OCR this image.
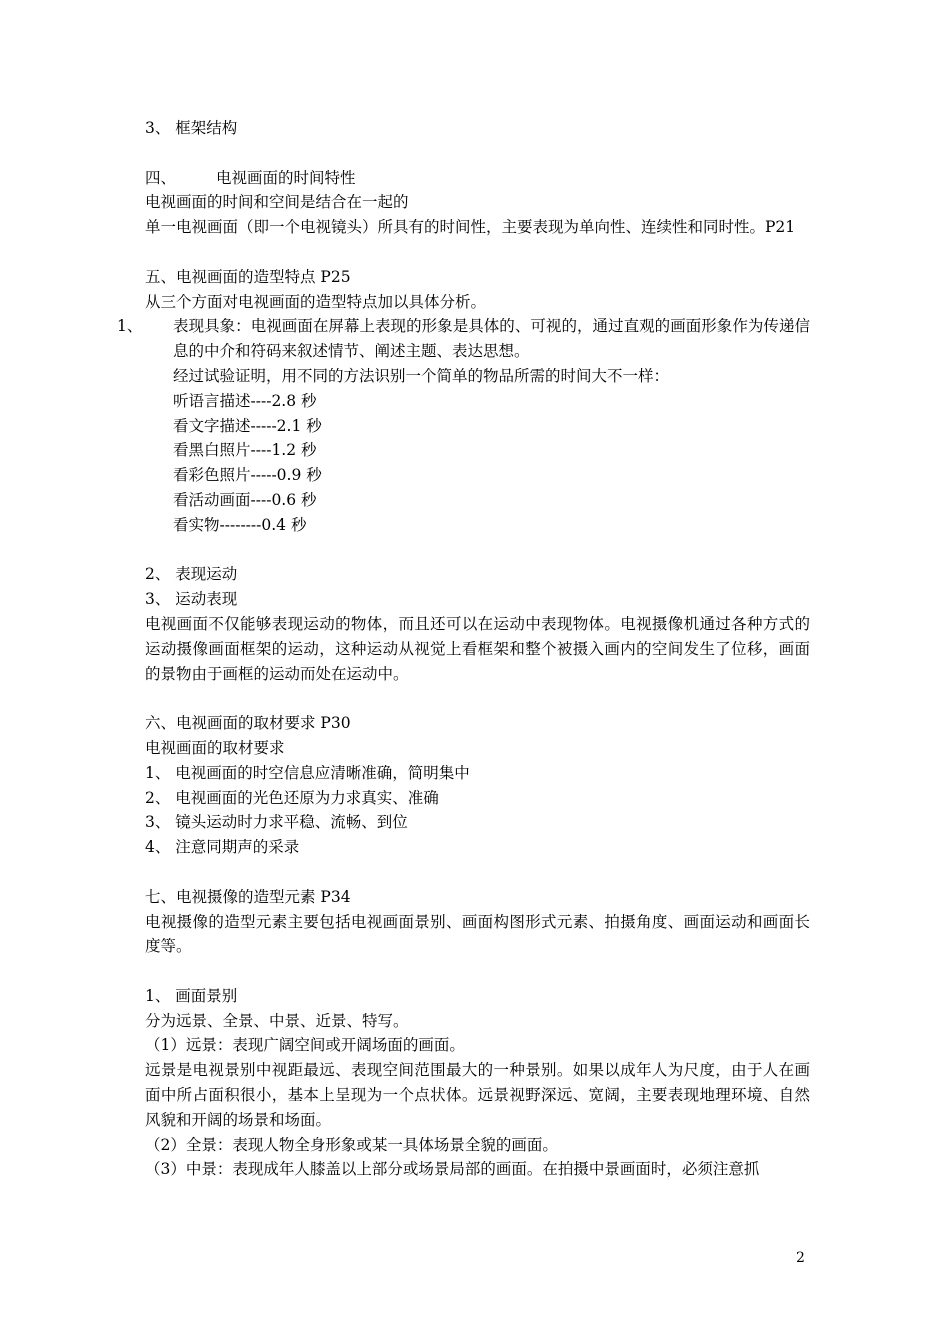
3、 框架结构
四、	电视画面的时间特性
电视画面的时间和空间是结合在一起的
单一电视画面（即一个电视镜头）所具有的时间性，主要表现为单向性、连续性和同时性。P21
五、电视画面的造型特点 P25
从三个方面对电视画面的造型特点加以具体分析。
1、 表现具象：电视画面在屏幕上表现的形象是具体的、可视的，通过直观的画面形象作为传递信息的中介和符码来叙述情节、阐述主题、表达思想。
经过试验证明，用不同的方法识别一个简单的物品所需的时间大不一样：
听语言描述----2.8 秒
看文字描述-----2.1 秒
看黑白照片----1.2 秒
看彩色照片-----0.9 秒
看活动画面----0.6 秒
看实物--------0.4 秒
2、 表现运动
3、 运动表现
电视画面不仅能够表现运动的物体，而且还可以在运动中表现物体。电视摄像机通过各种方式的运动摄像画面框架的运动，这种运动从视觉上看框架和整个被摄入画内的空间发生了位移，画面的景物由于画框的运动而处在运动中。
六、电视画面的取材要求 P30
电视画面的取材要求
1、 电视画面的时空信息应清晰准确，简明集中
2、 电视画面的光色还原为力求真实、准确
3、 镜头运动时力求平稳、流畅、到位
4、 注意同期声的采录
七、电视摄像的造型元素 P34
电视摄像的造型元素主要包括电视画面景别、画面构图形式元素、拍摄角度、画面运动和画面长度等。
1、 画面景别
分为远景、全景、中景、近景、特写。
（1）远景：表现广阔空间或开阔场面的画面。
远景是电视景别中视距最远、表现空间范围最大的一种景别。如果以成年人为尺度，由于人在画面中所占面积很小，基本上呈现为一个点状体。远景视野深远、宽阔，主要表现地理环境、自然风貌和开阔的场景和场面。
（2）全景：表现人物全身形象或某一具体场景全貌的画面。
（3）中景：表现成年人膝盖以上部分或场景局部的画面。在拍摄中景画面时，必须注意抓
2
